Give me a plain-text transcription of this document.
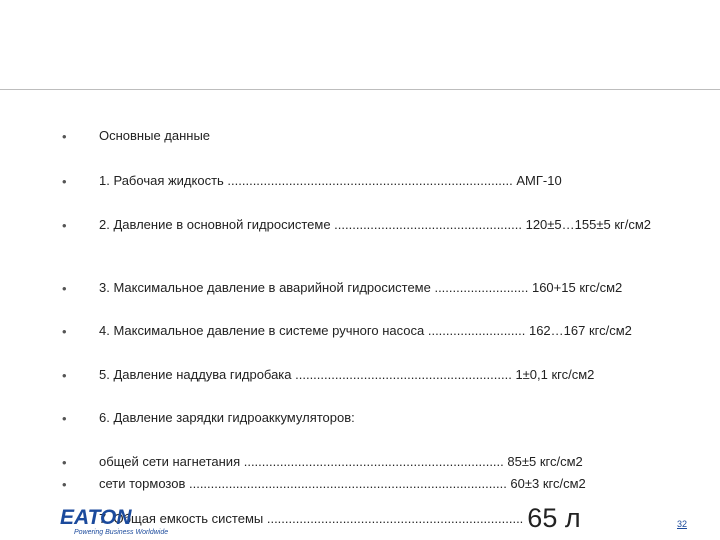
• Основные данные
• 1. Рабочая жидкость ............................................................................... АМГ-10
• 2. Давление в основной гидросистеме .................................................... 120±5…155±5 кг/см2
• 3. Максимальное давление в аварийной гидросистеме .......................... 160+15 кгс/см2
• 4. Максимальное давление в системе ручного насоса ........................... 162…167 кгс/см2
• 5. Давление наддува гидробака ............................................................ 1±0,1 кгс/см2
• 6. Давление зарядки гидроаккумуляторов:
• общей сети нагнетания ........................................................................ 85±5 кгс/см2
• сети тормозов ........................................................................................ 60±3 кгс/см2
7. Общая емкость системы ....................................................................... 65 л
EATON
Powering Business Worldwide
32
